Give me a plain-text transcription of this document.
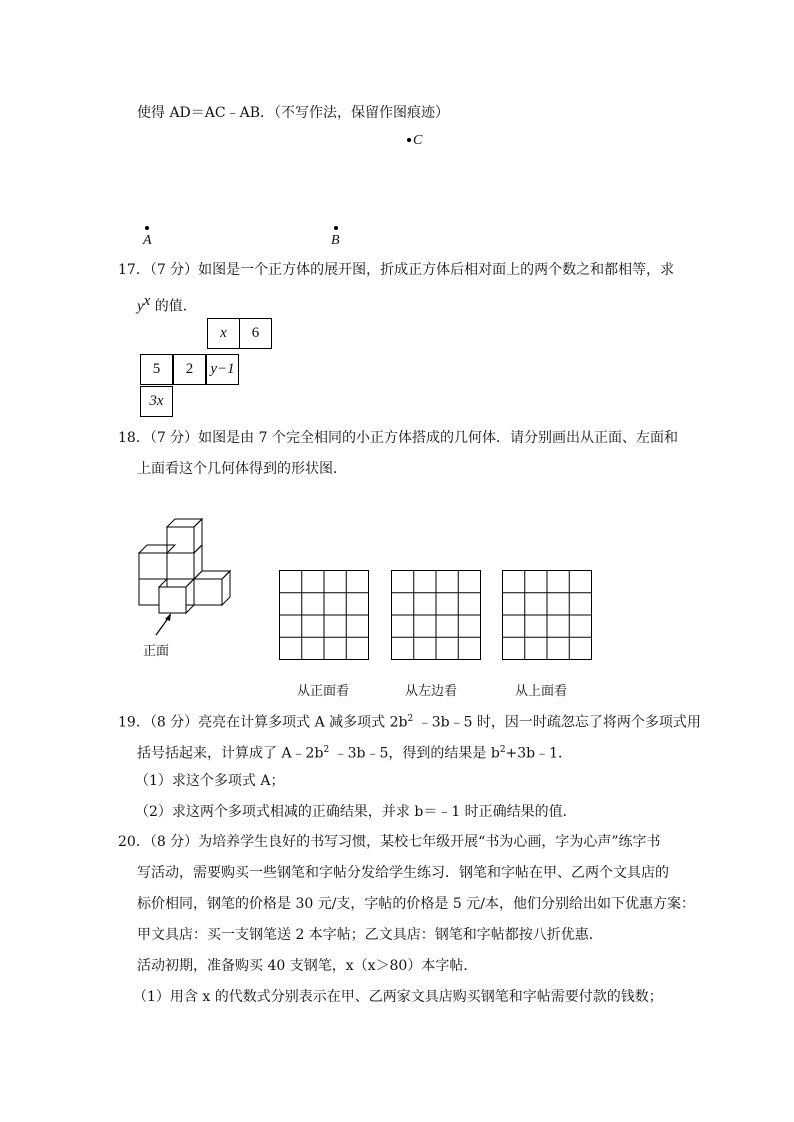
使得 AD＝AC﹣AB．（不写作法，保留作图痕迹）
C
A	B
17．（7 分）如图是一个正方体的展开图，折成正方体后相对面上的两个数之和都相等，求
$y^x$ 的值．
x	6
5	2	y−1
3x
18．（7 分）如图是由 7 个完全相同的小正方体搭成的几何体．请分别画出从正面、左面和
上面看这个几何体得到的形状图．
正面
从正面看	从左边看	从上面看
19．（8 分）亮亮在计算多项式 A 减多项式 $2b^2$ ﹣3b﹣5 时，因一时疏忽忘了将两个多项式用
括号括起来，计算成了 $A﹣2b^2$ ﹣3b﹣5，得到的结果是 $b^2+3b﹣1$．
（1）求这个多项式 A；
（2）求这两个多项式相减的正确结果，并求 b＝﹣1 时正确结果的值．
20．（8 分）为培养学生良好的书写习惯，某校七年级开展“书为心画，字为心声”练字书
写活动，需要购买一些钢笔和字帖分发给学生练习．钢笔和字帖在甲、乙两个文具店的
标价相同，钢笔的价格是 30 元/支，字帖的价格是 5 元/本，他们分别给出如下优惠方案：
甲文具店：买一支钢笔送 2 本字帖；乙文具店：钢笔和字帖都按八折优惠．
活动初期，准备购买 40 支钢笔，x（x＞80）本字帖．
（1）用含 x 的代数式分别表示在甲、乙两家文具店购买钢笔和字帖需要付款的钱数；
